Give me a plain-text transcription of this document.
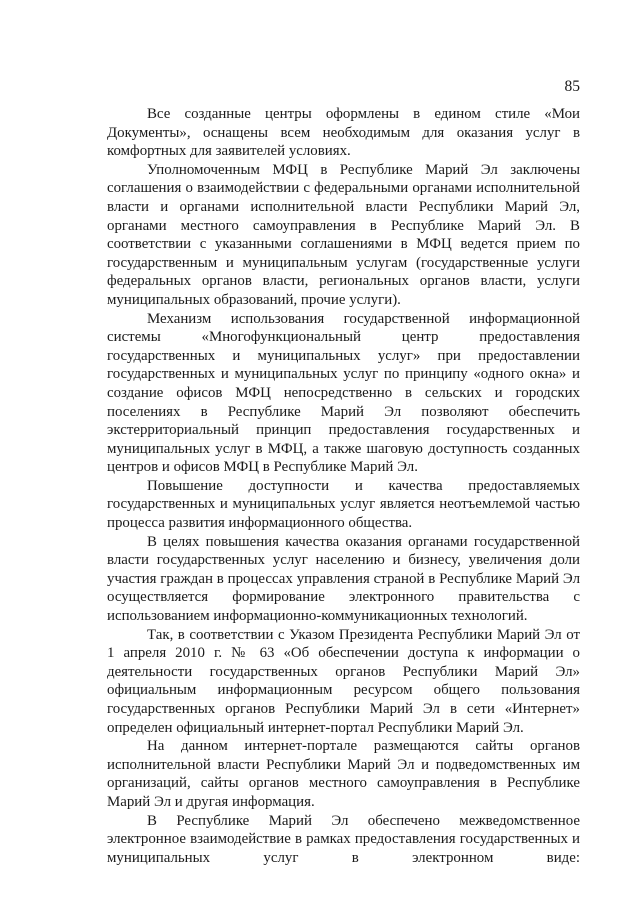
85

Все созданные центры оформлены в едином стиле «Мои Документы», оснащены всем необходимым для оказания услуг в комфортных для заявителей условиях.

Уполномоченным МФЦ в Республике Марий Эл заключены соглашения о взаимодействии с федеральными органами исполнительной власти и органами исполнительной власти Республики Марий Эл, органами местного самоуправления в Республике Марий Эл. В соответствии с указанными соглашениями в МФЦ ведется прием по государственным и муниципальным услугам (государственные услуги федеральных органов власти, региональных органов власти, услуги муниципальных образований, прочие услуги).

Механизм использования государственной информационной системы «Многофункциональный центр предоставления государственных и муниципальных услуг» при предоставлении государственных и муниципальных услуг по принципу «одного окна» и создание офисов МФЦ непосредственно в сельских и городских поселениях в Республике Марий Эл позволяют обеспечить экстерриториальный принцип предоставления государственных и муниципальных услуг в МФЦ, а также шаговую доступность созданных центров и офисов МФЦ в Республике Марий Эл.

Повышение доступности и качества предоставляемых государственных и муниципальных услуг является неотъемлемой частью процесса развития информационного общества.

В целях повышения качества оказания органами государственной власти государственных услуг населению и бизнесу, увеличения доли участия граждан в процессах управления страной в Республике Марий Эл осуществляется формирование электронного правительства с использованием информационно-коммуникационных технологий.

Так, в соответствии с Указом Президента Республики Марий Эл от 1 апреля 2010 г. № 63 «Об обеспечении доступа к информации о деятельности государственных органов Республики Марий Эл» официальным информационным ресурсом общего пользования государственных органов Республики Марий Эл в сети «Интернет» определен официальный интернет-портал Республики Марий Эл.

На данном интернет-портале размещаются сайты органов исполнительной власти Республики Марий Эл и подведомственных им организаций, сайты органов местного самоуправления в Республике Марий Эл и другая информация.

В Республике Марий Эл обеспечено межведомственное электронное взаимодействие в рамках предоставления государственных и муниципальных услуг в электронном виде:
